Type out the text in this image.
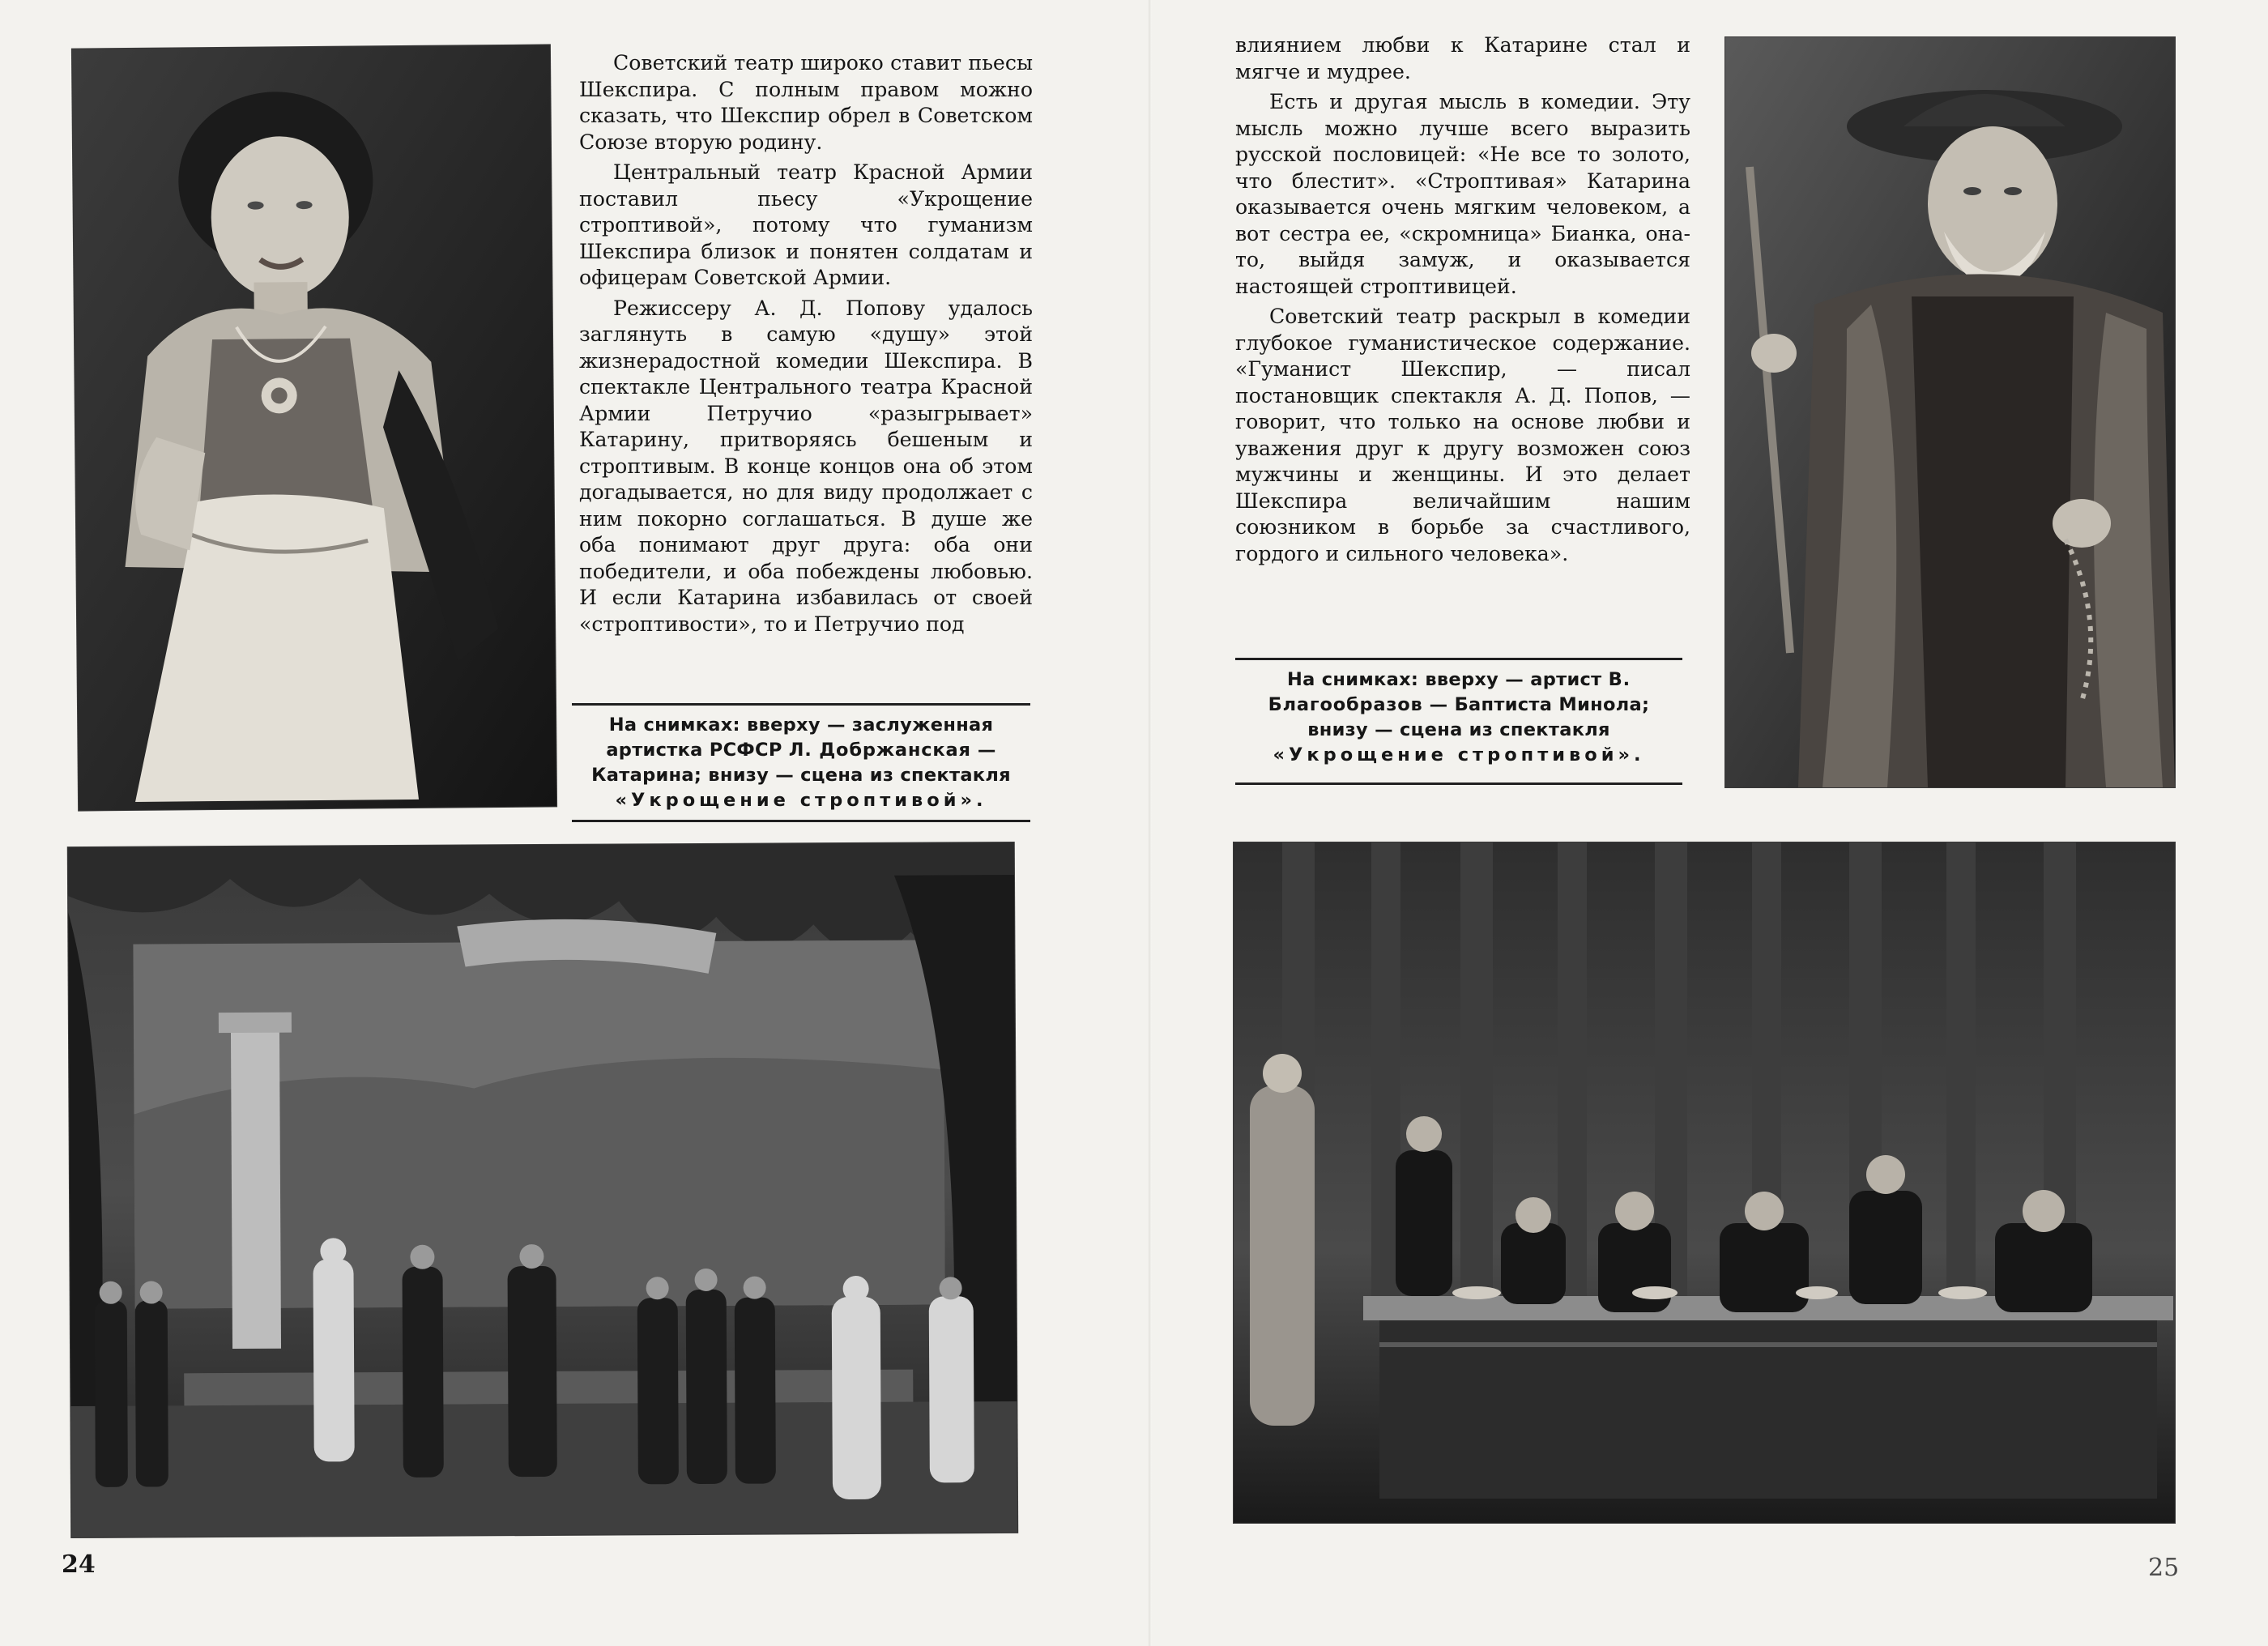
Советский театр широко ставит пьесы Шекспира. С полным правом можно сказать, что Шекспир обрел в Советском Союзе вторую родину.

Центральный театр Красной Армии поставил пьесу «Укрощение строптивой», потому что гуманизм Шекспира близок и понятен солдатам и офицерам Советской Армии.

Режиссеру А. Д. Попову удалось заглянуть в самую «душу» этой жизнерадостной комедии Шекспира. В спектакле Центрального театра Красной Армии Петручио «разыгрывает» Катарину, притворяясь бешеным и строптивым. В конце концов она об этом догадывается, но для виду продолжает с ним покорно соглашаться. В душе же оба понимают друг друга: оба они победители, и оба побеждены любовью. И если Катарина избавилась от своей «строптивости», то и Петручио под

На снимках: вверху — заслуженная артистка РСФСР Л. Добржанская — Катарина; внизу — сцена из спектакля «Укрощение строптивой».
24

влиянием любви к Катарине стал и мягче и мудрее.

Есть и другая мысль в комедии. Эту мысль можно лучше всего выразить русской пословицей: «Не все то золото, что блестит». «Строптивая» Катарина оказывается очень мягким человеком, а вот сестра ее, «скромница» Бианка, она-то, выйдя замуж, и оказывается настоящей строптивицей.

Советский театр раскрыл в комедии глубокое гуманистическое содержание. «Гуманист Шекспир, — писал постановщик спектакля А. Д. Попов, — говорит, что только на основе любви и уважения друг к другу возможен союз мужчины и женщины. И это делает Шекспира величайшим нашим союзником в борьбе за счастливого, гордого и сильного человека».

На снимках: вверху — артист В. Благообразов — Баптиста Минола; внизу — сцена из спектакля «Укрощение строптивой».
25
